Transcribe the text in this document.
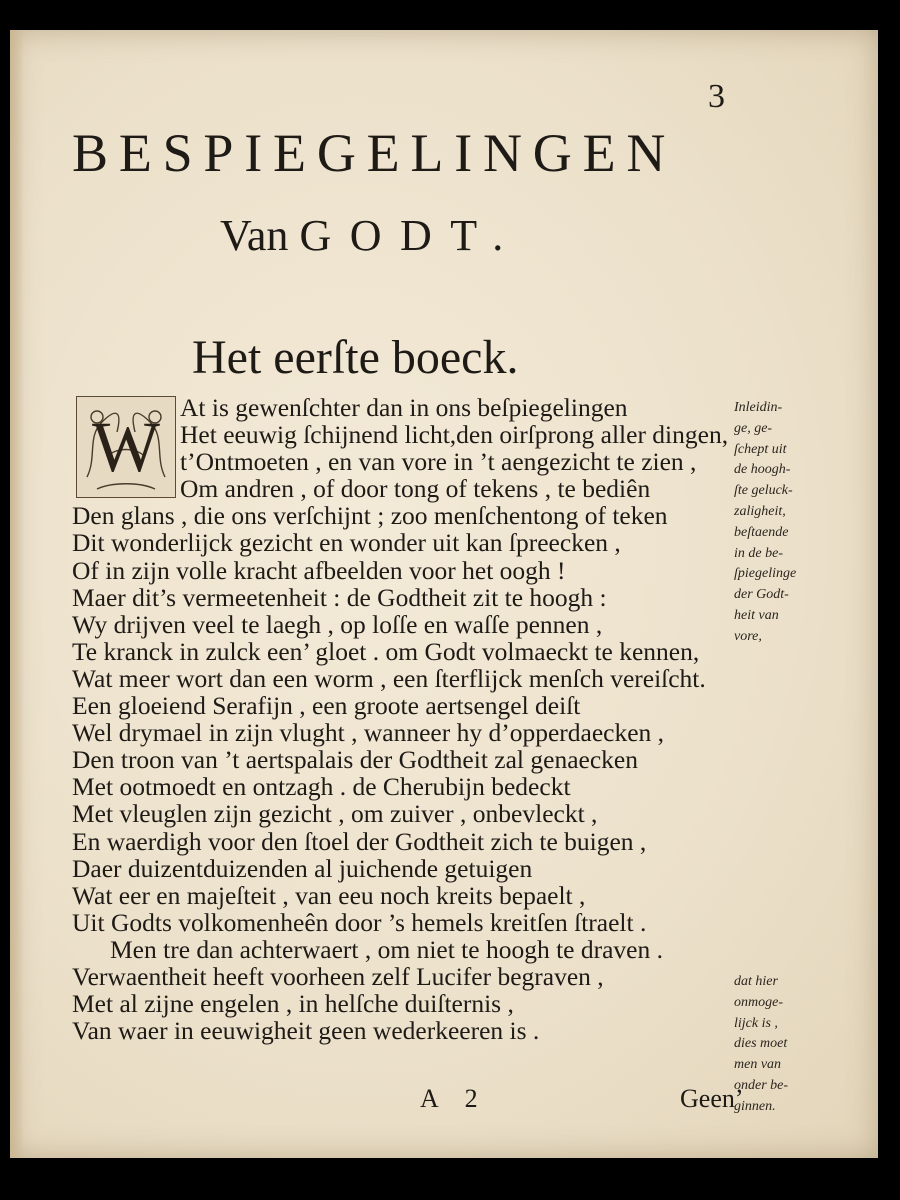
3
BESPIEGELINGEN
Van GODT.
Het eerſte boeck.
W At is gewenſchter dan in ons beſpiegelingen
Het eeuwig ſchijnend licht,den oirſprong aller dingen,
t’Ontmoeten , en van vore in ’t aengezicht te zien ,
Om andren , of door tong of tekens , te bediên
Den glans , die ons verſchijnt ; zoo menſchentong of teken
Dit wonderlijck gezicht en wonder uit kan ſpreecken ,
Of in zijn volle kracht afbeelden voor het oogh !
Maer dit’s vermeetenheit : de Godtheit zit te hoogh :
Wy drijven veel te laegh , op loſſe en waſſe pennen ,
Te kranck in zulck een’ gloet . om Godt volmaeckt te kennen,
Wat meer wort dan een worm , een ſterflijck menſch vereiſcht.
Een gloeiend Serafijn , een groote aertsengel deiſt
Wel drymael in zijn vlught , wanneer hy d’opperdaecken ,
Den troon van ’t aertspalais der Godtheit zal genaecken
Met ootmoedt en ontzagh . de Cherubijn bedeckt
Met vleuglen zijn gezicht , om zuiver , onbevleckt ,
En waerdigh voor den ſtoel der Godtheit zich te buigen ,
Daer duizentduizenden al juichende getuigen
Wat eer en majeſteit , van eeu noch kreits bepaelt ,
Uit Godts volkomenheên door ’s hemels kreitſen ſtraelt .
Men tre dan achterwaert , om niet te hoogh te draven .
Verwaentheit heeft voorheen zelf Lucifer begraven ,
Met al zijne engelen , in helſche duiſternis ,
Van waer in eeuwigheit geen wederkeeren is .
Inleidin-
ge, ge-
ſchept uit
de hoogh-
ſte geluck-
zaligheit,
beſtaende
in de be-
ſpiegelinge
der Godt-
heit van
vore,
dat hier
onmoge-
lijck is ,
dies moet
men van
onder be-
ginnen.
A 2	Geen’
